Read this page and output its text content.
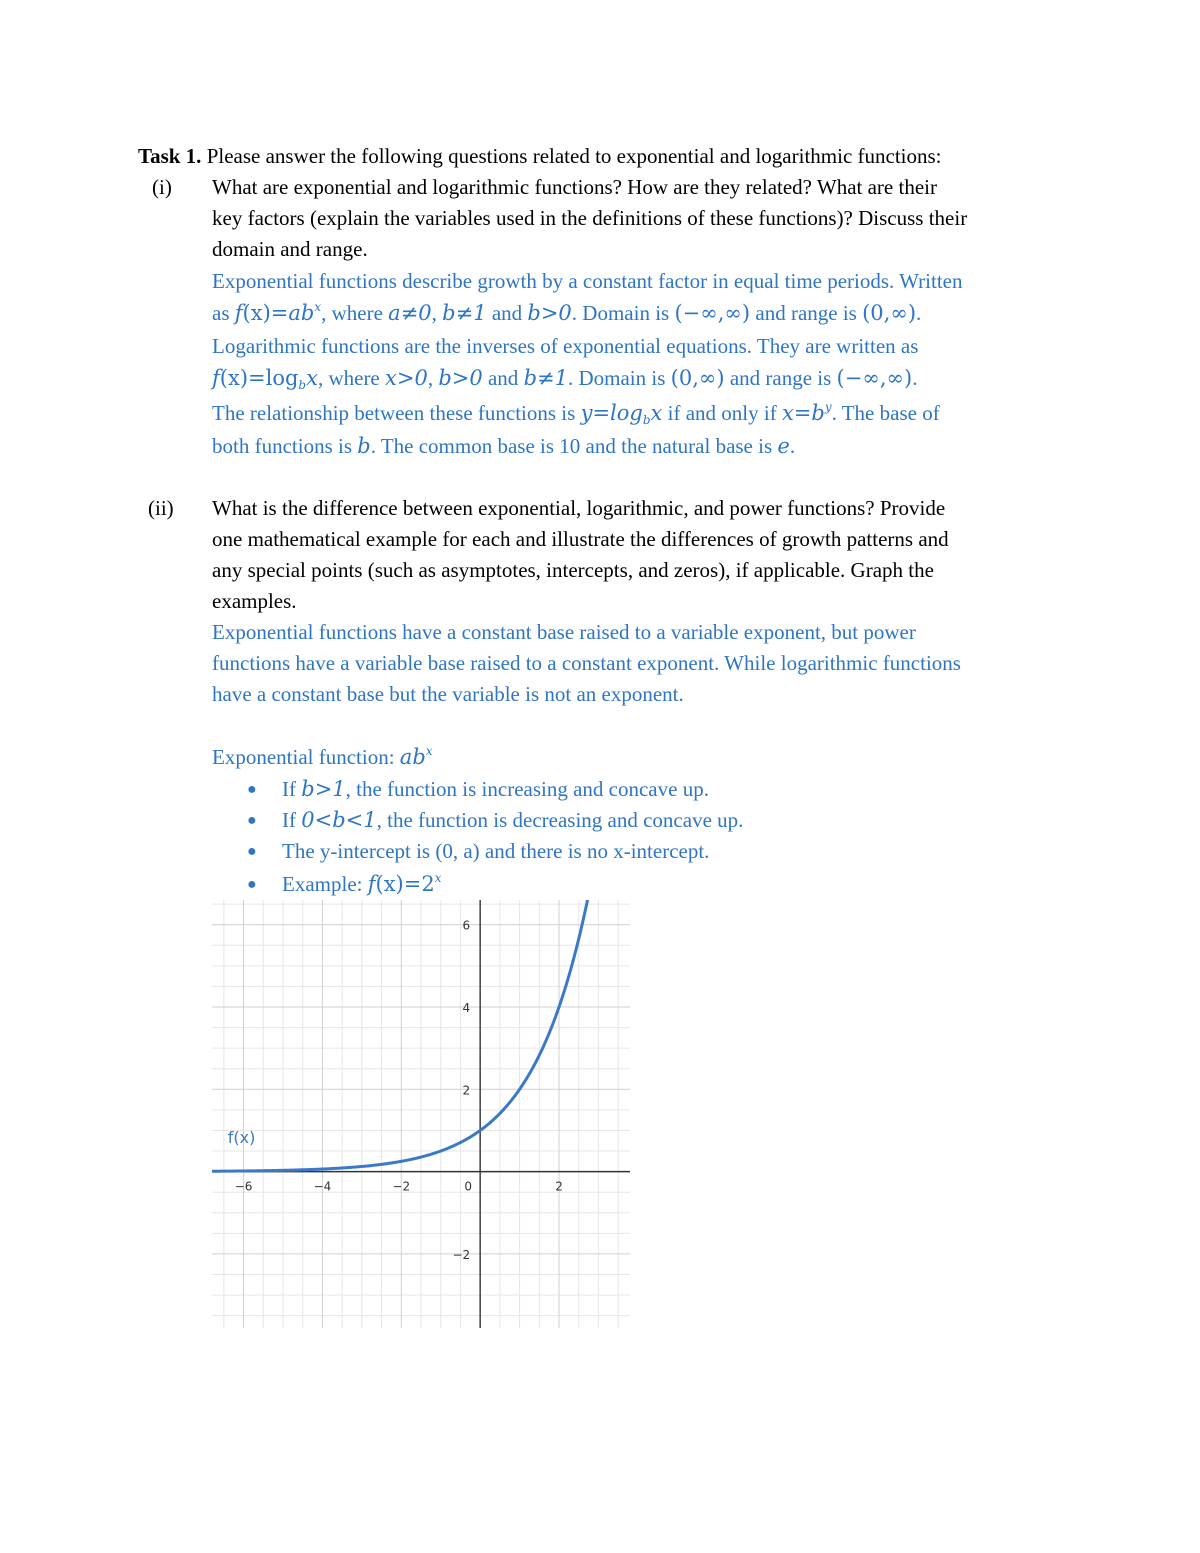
Task 1. Please answer the following questions related to exponential and logarithmic functions:
(i) What are exponential and logarithmic functions? How are they related? What are their
key factors (explain the variables used in the definitions of these functions)? Discuss their
domain and range.
Exponential functions describe growth by a constant factor in equal time periods. Written
as $f(x)=ab^x$, where a≠0, b≠1 and b>0. Domain is (−∞,∞) and range is (0,∞).
Logarithmic functions are the inverses of exponential equations. They are written as
$f(x)=\log_bx$, where x>0, b>0 and b≠1. Domain is (0,∞) and range is (−∞,∞).
The relationship between these functions is $y=\log_bx$ if and only if $x=b^y$. The base of
both functions is b. The common base is 10 and the natural base is e.
(ii) What is the difference between exponential, logarithmic, and power functions? Provide
one mathematical example for each and illustrate the differences of growth patterns and
any special points (such as asymptotes, intercepts, and zeros), if applicable. Graph the
examples.
Exponential functions have a constant base raised to a variable exponent, but power
functions have a variable base raised to a constant exponent. While logarithmic functions
have a constant base but the variable is not an exponent.
Exponential function: $ab^x$
● If b>1, the function is increasing and concave up.
● If 0<b<1, the function is decreasing and concave up.
● The y-intercept is (0, a) and there is no x-intercept.
● Example: $f(x)=2^x$
−6	−4	−2	0	2
−2
2
4
6
f(x)
